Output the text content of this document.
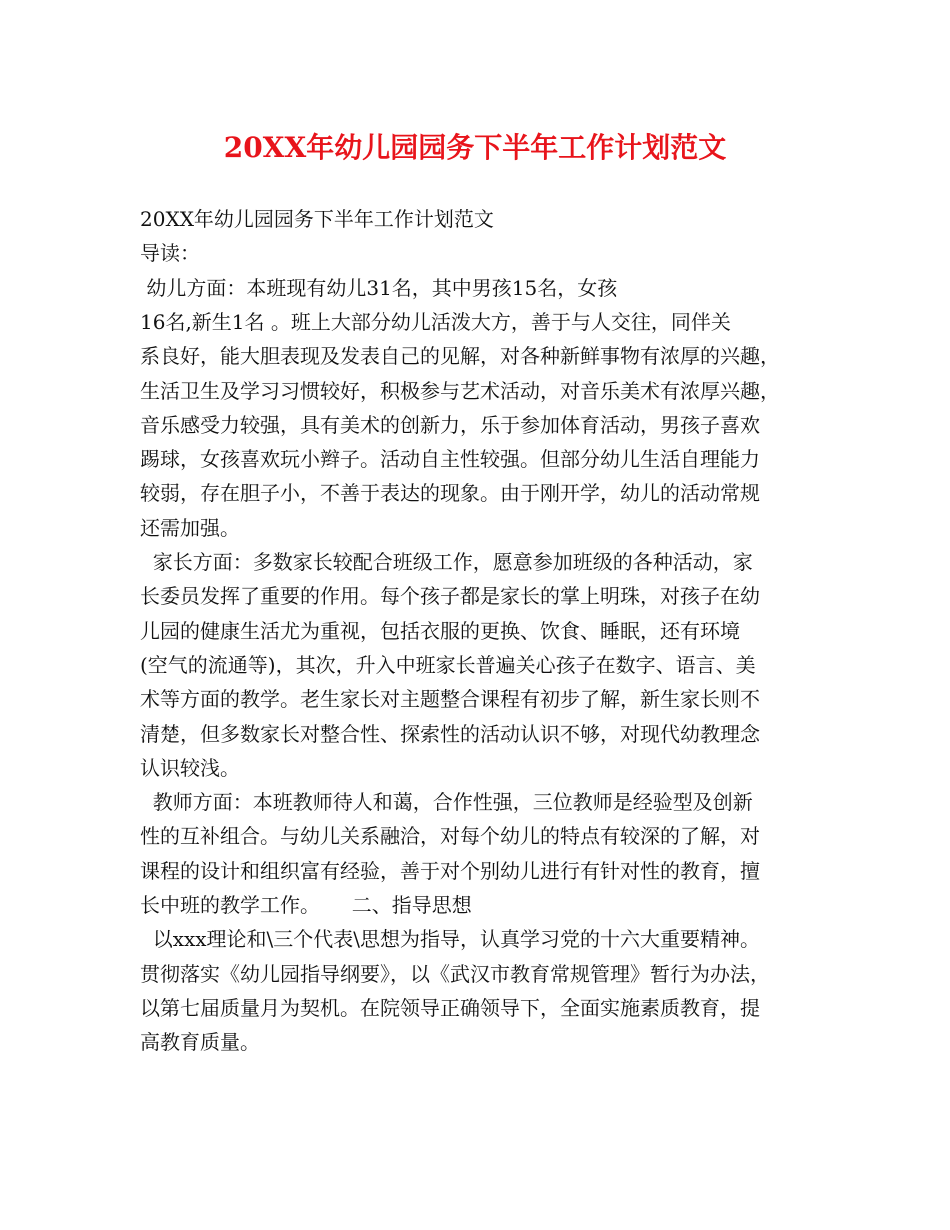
20XX年幼儿园园务下半年工作计划范文

20XX年幼儿园园务下半年工作计划范文

导读：

幼儿方面：本班现有幼儿31名，其中男孩15名，女孩

16名,新生1名 。班上大部分幼儿活泼大方，善于与人交往，同伴关

系良好，能大胆表现及发表自己的见解，对各种新鲜事物有浓厚的兴趣，

生活卫生及学习习惯较好，积极参与艺术活动，对音乐美术有浓厚兴趣，

音乐感受力较强，具有美术的创新力，乐于参加体育活动，男孩子喜欢

踢球，女孩喜欢玩小辫子。活动自主性较强。但部分幼儿生活自理能力

较弱，存在胆子小，不善于表达的现象。由于刚开学，幼儿的活动常规

还需加强。

家长方面：多数家长较配合班级工作，愿意参加班级的各种活动，家

长委员发挥了重要的作用。每个孩子都是家长的掌上明珠，对孩子在幼

儿园的健康生活尤为重视，包括衣服的更换、饮食、睡眠，还有环境

(空气的流通等)，其次，升入中班家长普遍关心孩子在数字、语言、美

术等方面的教学。老生家长对主题整合课程有初步了解，新生家长则不

清楚，但多数家长对整合性、探索性的活动认识不够，对现代幼教理念

认识较浅。

教师方面：本班教师待人和蔼，合作性强，三位教师是经验型及创新

性的互补组合。与幼儿关系融洽，对每个幼儿的特点有较深的了解，对

课程的设计和组织富有经验，善于对个别幼儿进行有针对性的教育，擅

长中班的教学工作。     二、指导思想

以xxx理论和\三个代表\思想为指导，认真学习党的十六大重要精神。

贯彻落实《幼儿园指导纲要》，以《武汉市教育常规管理》暂行为办法，

以第七届质量月为契机。在院领导正确领导下，全面实施素质教育，提

高教育质量。
